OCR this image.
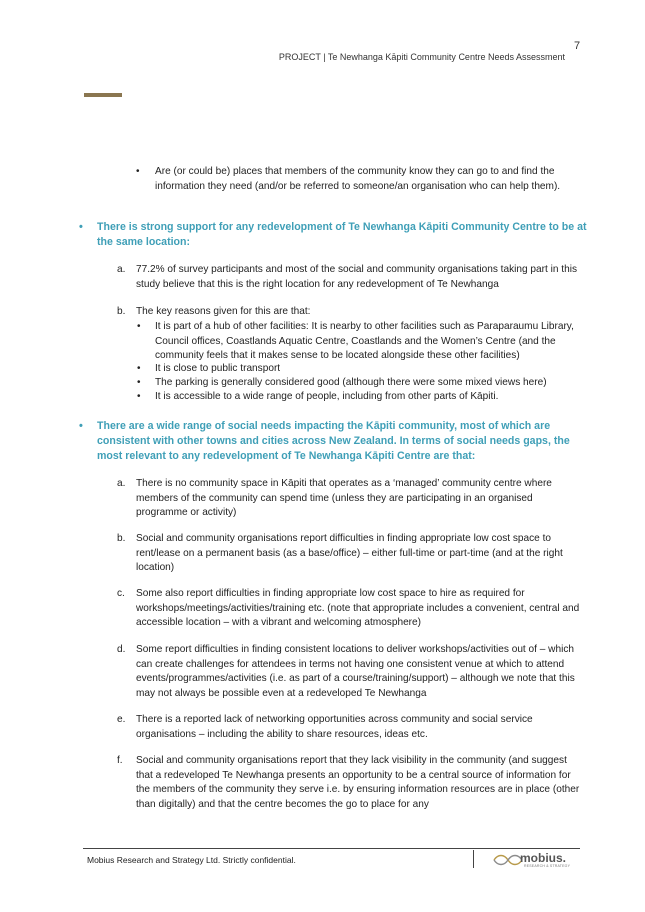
7
PROJECT | Te Newhanga Kāpiti Community Centre Needs Assessment
• Are (or could be) places that members of the community know they can go to and find the information they need (and/or be referred to someone/an organisation who can help them).
• There is strong support for any redevelopment of Te Newhanga Kāpiti Community Centre to be at the same location:
a. 77.2% of survey participants and most of the social and community organisations taking part in this study believe that this is the right location for any redevelopment of Te Newhanga
b. The key reasons given for this are that:
• It is part of a hub of other facilities: It is nearby to other facilities such as Paraparaumu Library, Council offices, Coastlands Aquatic Centre, Coastlands and the Women’s Centre (and the community feels that it makes sense to be located alongside these other facilities)
• It is close to public transport
• The parking is generally considered good (although there were some mixed views here)
• It is accessible to a wide range of people, including from other parts of Kāpiti.
• There are a wide range of social needs impacting the Kāpiti community, most of which are consistent with other towns and cities across New Zealand. In terms of social needs gaps, the most relevant to any redevelopment of Te Newhanga Kāpiti Centre are that:
a. There is no community space in Kāpiti that operates as a ‘managed’ community centre where members of the community can spend time (unless they are participating in an organised programme or activity)
b. Social and community organisations report difficulties in finding appropriate low cost space to rent/lease on a permanent basis (as a base/office) – either full-time or part-time (and at the right location)
c. Some also report difficulties in finding appropriate low cost space to hire as required for workshops/meetings/activities/training etc. (note that appropriate includes a convenient, central and accessible location – with a vibrant and welcoming atmosphere)
d. Some report difficulties in finding consistent locations to deliver workshops/activities out of – which can create challenges for attendees in terms not having one consistent venue at which to attend events/programmes/activities (i.e. as part of a course/training/support) – although we note that this may not always be possible even at a redeveloped Te Newhanga
e. There is a reported lack of networking opportunities across community and social service organisations – including the ability to share resources, ideas etc.
f. Social and community organisations report that they lack visibility in the community (and suggest that a redeveloped Te Newhanga presents an opportunity to be a central source of information for the members of the community they serve i.e. by ensuring information resources are in place (other than digitally) and that the centre becomes the go to place for any
Mobius Research and Strategy Ltd. Strictly confidential.	mobius.
RESEARCH & STRATEGY
